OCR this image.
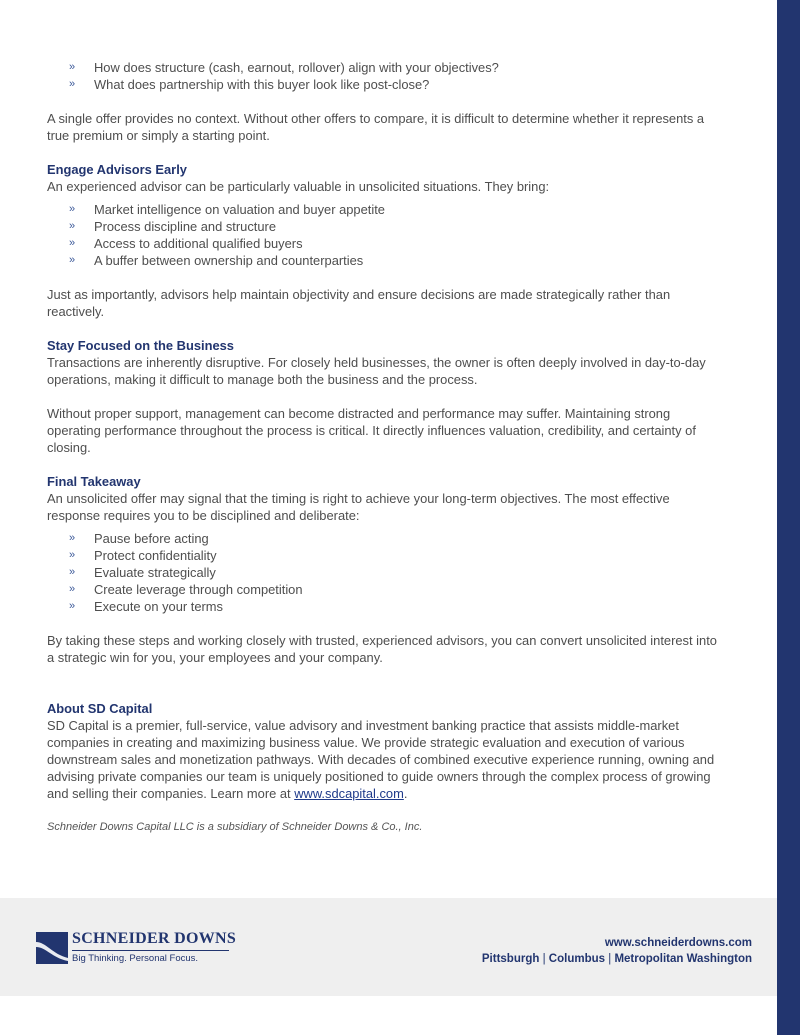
» How does structure (cash, earnout, rollover) align with your objectives?
» What does partnership with this buyer look like post-close?

A single offer provides no context. Without other offers to compare, it is difficult to determine whether it represents a true premium or simply a starting point.

Engage Advisors Early

An experienced advisor can be particularly valuable in unsolicited situations. They bring:

» Market intelligence on valuation and buyer appetite
» Process discipline and structure
» Access to additional qualified buyers
» A buffer between ownership and counterparties

Just as importantly, advisors help maintain objectivity and ensure decisions are made strategically rather than reactively.

Stay Focused on the Business

Transactions are inherently disruptive. For closely held businesses, the owner is often deeply involved in day-to-day operations, making it difficult to manage both the business and the process.

Without proper support, management can become distracted and performance may suffer. Maintaining strong operating performance throughout the process is critical. It directly influences valuation, credibility, and certainty of closing.

Final Takeaway

An unsolicited offer may signal that the timing is right to achieve your long-term objectives. The most effective response requires you to be disciplined and deliberate:

» Pause before acting
» Protect confidentiality
» Evaluate strategically
» Create leverage through competition
» Execute on your terms

By taking these steps and working closely with trusted, experienced advisors, you can convert unsolicited interest into a strategic win for you, your employees and your company.

About SD Capital

SD Capital is a premier, full-service, value advisory and investment banking practice that assists middle-market companies in creating and maximizing business value. We provide strategic evaluation and execution of various downstream sales and monetization pathways. With decades of combined executive experience running, owning and advising private companies our team is uniquely positioned to guide owners through the complex process of growing and selling their companies. Learn more at www.sdcapital.com.

Schneider Downs Capital LLC is a subsidiary of Schneider Downs & Co., Inc.

SCHNEIDER DOWNS
Big Thinking. Personal Focus.
www.schneiderdowns.com
Pittsburgh | Columbus | Metropolitan Washington
